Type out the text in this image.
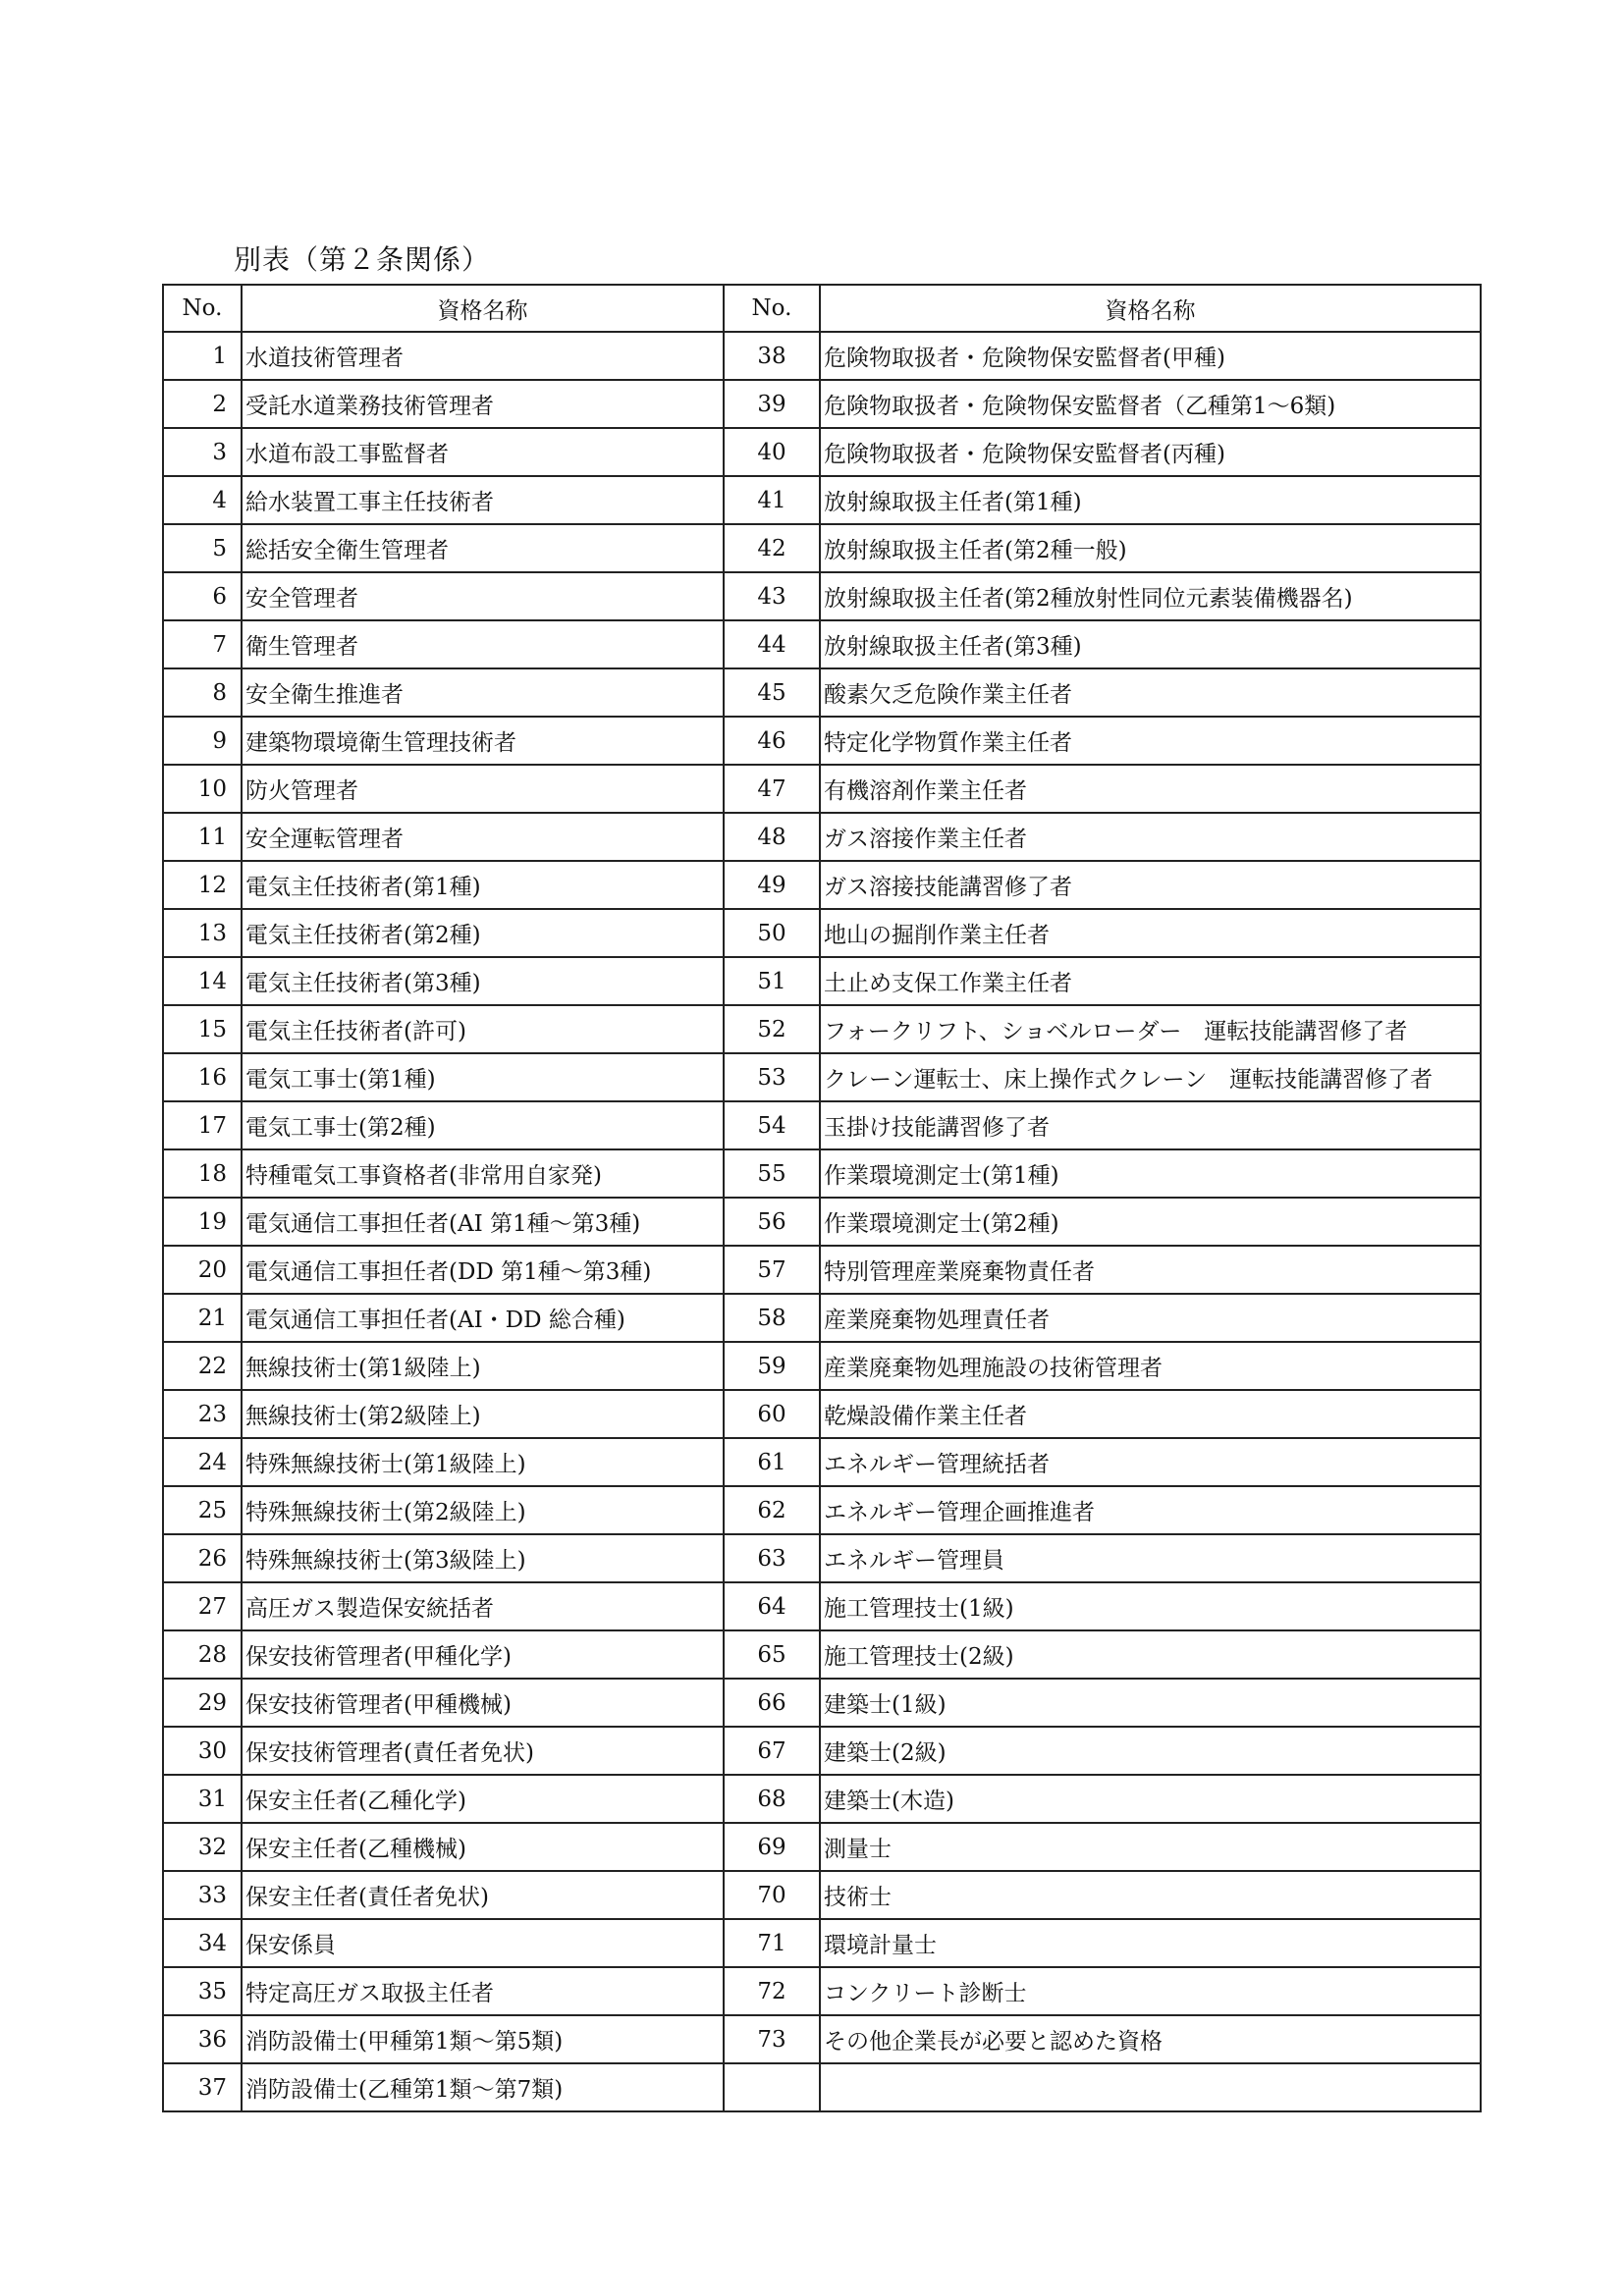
別表（第２条関係）
No.	資格名称	No.	資格名称
1	水道技術管理者	38	危険物取扱者・危険物保安監督者(甲種)
2	受託水道業務技術管理者	39	危険物取扱者・危険物保安監督者（乙種第1～6類)
3	水道布設工事監督者	40	危険物取扱者・危険物保安監督者(丙種)
4	給水装置工事主任技術者	41	放射線取扱主任者(第1種)
5	総括安全衛生管理者	42	放射線取扱主任者(第2種一般)
6	安全管理者	43	放射線取扱主任者(第2種放射性同位元素装備機器名)
7	衛生管理者	44	放射線取扱主任者(第3種)
8	安全衛生推進者	45	酸素欠乏危険作業主任者
9	建築物環境衛生管理技術者	46	特定化学物質作業主任者
10	防火管理者	47	有機溶剤作業主任者
11	安全運転管理者	48	ガス溶接作業主任者
12	電気主任技術者(第1種)	49	ガス溶接技能講習修了者
13	電気主任技術者(第2種)	50	地山の掘削作業主任者
14	電気主任技術者(第3種)	51	土止め支保工作業主任者
15	電気主任技術者(許可)	52	フォークリフト、ショベルローダー　運転技能講習修了者
16	電気工事士(第1種)	53	クレーン運転士、床上操作式クレーン　運転技能講習修了者
17	電気工事士(第2種)	54	玉掛け技能講習修了者
18	特種電気工事資格者(非常用自家発)	55	作業環境測定士(第1種)
19	電気通信工事担任者(AI 第1種～第3種)	56	作業環境測定士(第2種)
20	電気通信工事担任者(DD 第1種～第3種)	57	特別管理産業廃棄物責任者
21	電気通信工事担任者(AI・DD 総合種)	58	産業廃棄物処理責任者
22	無線技術士(第1級陸上)	59	産業廃棄物処理施設の技術管理者
23	無線技術士(第2級陸上)	60	乾燥設備作業主任者
24	特殊無線技術士(第1級陸上)	61	エネルギー管理統括者
25	特殊無線技術士(第2級陸上)	62	エネルギー管理企画推進者
26	特殊無線技術士(第3級陸上)	63	エネルギー管理員
27	高圧ガス製造保安統括者	64	施工管理技士(1級)
28	保安技術管理者(甲種化学)	65	施工管理技士(2級)
29	保安技術管理者(甲種機械)	66	建築士(1級)
30	保安技術管理者(責任者免状)	67	建築士(2級)
31	保安主任者(乙種化学)	68	建築士(木造)
32	保安主任者(乙種機械)	69	測量士
33	保安主任者(責任者免状)	70	技術士
34	保安係員	71	環境計量士
35	特定高圧ガス取扱主任者	72	コンクリート診断士
36	消防設備士(甲種第1類～第5類)	73	その他企業長が必要と認めた資格
37	消防設備士(乙種第1類～第7類)		
